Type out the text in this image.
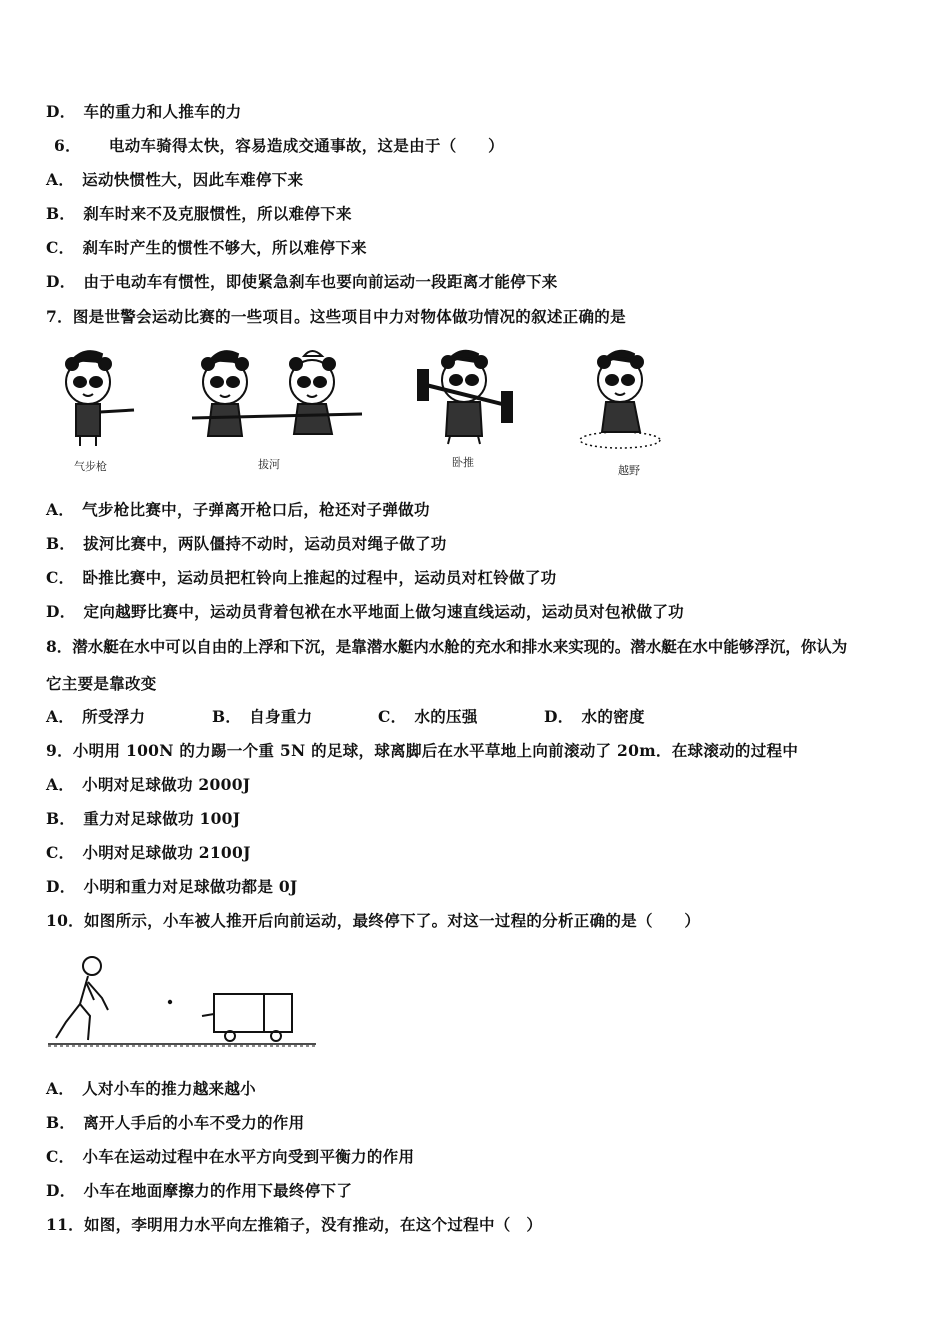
D． 车的重力和人推车的力
6． 电动车骑得太快，容易造成交通事故，这是由于（　　）
A． 运动快惯性大，因此车难停下来
B． 刹车时来不及克服惯性，所以难停下来
C． 刹车时产生的惯性不够大，所以难停下来
D． 由于电动车有惯性，即使紧急刹车也要向前运动一段距离才能停下来
7．图是世警会运动比赛的一些项目。这些项目中力对物体做功情况的叙述正确的是
气步枪	拔河	卧推
越野
A． 气步枪比赛中，子弹离开枪口后，枪还对子弹做功
B． 拔河比赛中，两队僵持不动时，运动员对绳子做了功
C． 卧推比赛中，运动员把杠铃向上推起的过程中，运动员对杠铃做了功
D． 定向越野比赛中，运动员背着包袱在水平地面上做匀速直线运动，运动员对包袱做了功
8．潜水艇在水中可以自由的上浮和下沉，是靠潜水艇内水舱的充水和排水来实现的。潜水艇在水中能够浮沉，你认为
它主要是靠改变
A． 所受浮力	B． 自身重力	C． 水的压强	D． 水的密度
9．小明用 100N 的力踢一个重 5N 的足球，球离脚后在水平草地上向前滚动了 20m．在球滚动的过程中
A． 小明对足球做功 2000J
B． 重力对足球做功 100J
C． 小明对足球做功 2100J
D． 小明和重力对足球做功都是 0J
10．如图所示，小车被人推开后向前运动，最终停下了。对这一过程的分析正确的是（　　）
A． 人对小车的推力越来越小
B． 离开人手后的小车不受力的作用
C． 小车在运动过程中在水平方向受到平衡力的作用
D． 小车在地面摩擦力的作用下最终停下了
11．如图，李明用力水平向左推箱子，没有推动，在这个过程中（　）
